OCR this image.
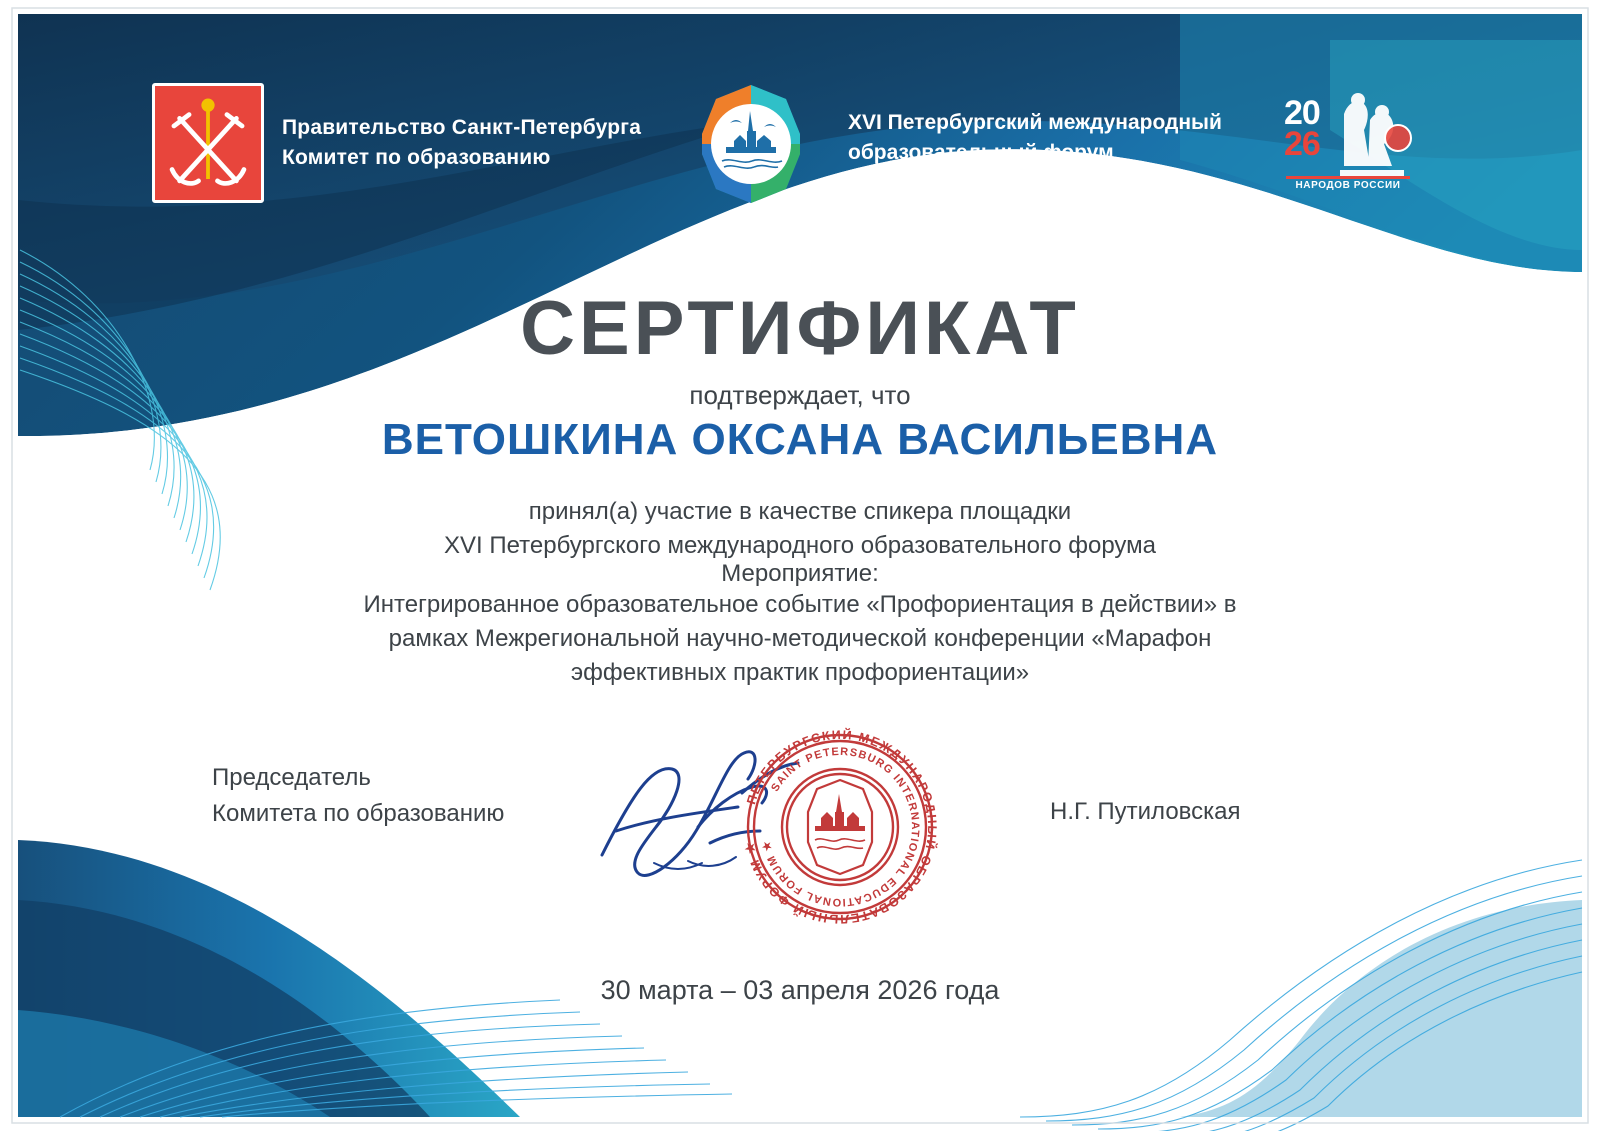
Правительство Санкт-Петербурга
Комитет по образованию
XVI Петербургский международный
образовательный форум
20
26
НАРОДОВ РОССИИ
СЕРТИФИКАТ
подтверждает, что
ВЕТОШКИНА ОКСАНА ВАСИЛЬЕВНА
принял(а) участие в качестве спикера площадки
XVI Петербургского международного образовательного форума
Мероприятие:
Интегрированное образовательное событие «Профориентация в действии» в рамках Межрегиональной научно-методической конференции «Марафон эффективных практик профориентации»
Председатель
Комитета по образованию
ПЕТЕРБУРГСКИЙ МЕЖДУНАРОДНЫЙ ОБРАЗОВАТЕЛЬНЫЙ ФОРУМ ★
SAINT PETERSBURG INTERNATIONAL EDUCATIONAL FORUM ★
Н.Г. Путиловская
30 марта – 03 апреля 2026 года
